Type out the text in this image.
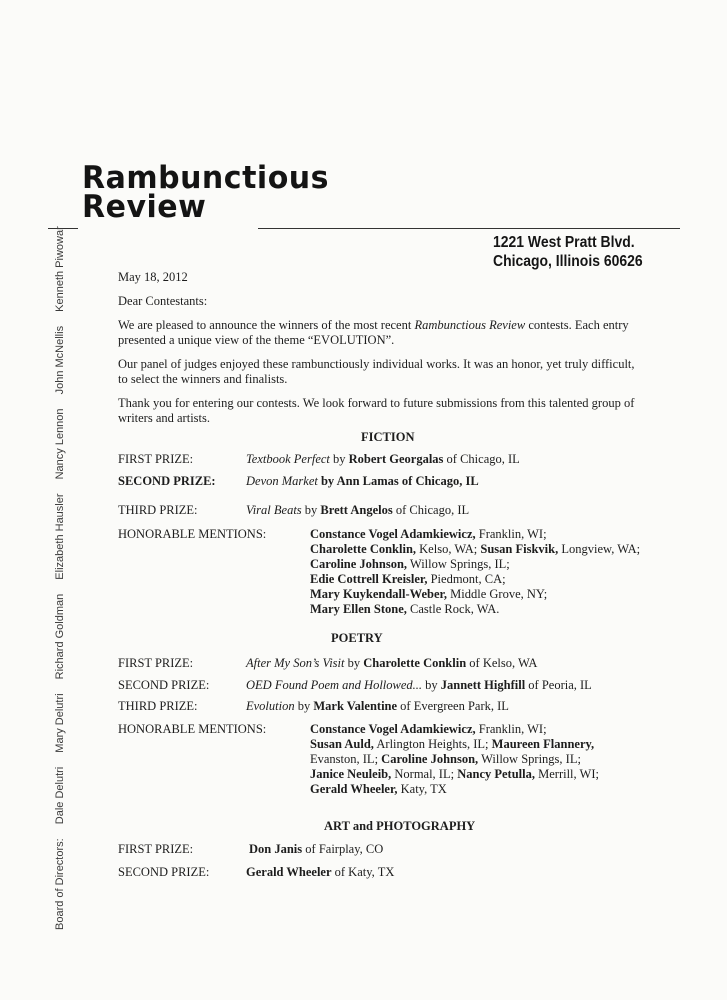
Rambunctious
Review
1221 West Pratt Blvd.
Chicago, Illinois 60626
Board of Directors: Dale Delutri Mary Delutri Richard Goldman Elizabeth Hausler Nancy Lennon John McNellis Kenneth Piwowar	May 18, 2012
Dear Contestants:
We are pleased to announce the winners of the most recent Rambunctious Review contests. Each entry
presented a unique view of the theme “EVOLUTION”.
Our panel of judges enjoyed these rambunctiously individual works. It was an honor, yet truly difficult,
to select the winners and finalists.
Thank you for entering our contests. We look forward to future submissions from this talented group of
writers and artists.
FICTION
FIRST PRIZE:	Textbook Perfect by Robert Georgalas of Chicago, IL
SECOND PRIZE: Devon Market by Ann Lamas of Chicago, IL
THIRD PRIZE:	Viral Beats by Brett Angelos of Chicago, IL
HONORABLE MENTIONS:	Constance Vogel Adamkiewicz, Franklin, WI;
Charolette Conklin, Kelso, WA; Susan Fiskvik, Longview, WA;
Caroline Johnson, Willow Springs, IL;
Edie Cottrell Kreisler, Piedmont, CA;
Mary Kuykendall-Weber, Middle Grove, NY;
Mary Ellen Stone, Castle Rock, WA.
POETRY
FIRST PRIZE:	After My Son’s Visit by Charolette Conklin of Kelso, WA
SECOND PRIZE:	OED Found Poem and Hollowed... by Jannett Highfill of Peoria, IL
THIRD PRIZE:	Evolution by Mark Valentine of Evergreen Park, IL
HONORABLE MENTIONS:	Constance Vogel Adamkiewicz, Franklin, WI;
Susan Auld, Arlington Heights, IL; Maureen Flannery,
Evanston, IL; Caroline Johnson, Willow Springs, IL;
Janice Neuleib, Normal, IL; Nancy Petulla, Merrill, WI;
Gerald Wheeler, Katy, TX
ART and PHOTOGRAPHY
FIRST PRIZE:	Don Janis of Fairplay, CO
SECOND PRIZE:	Gerald Wheeler of Katy, TX
